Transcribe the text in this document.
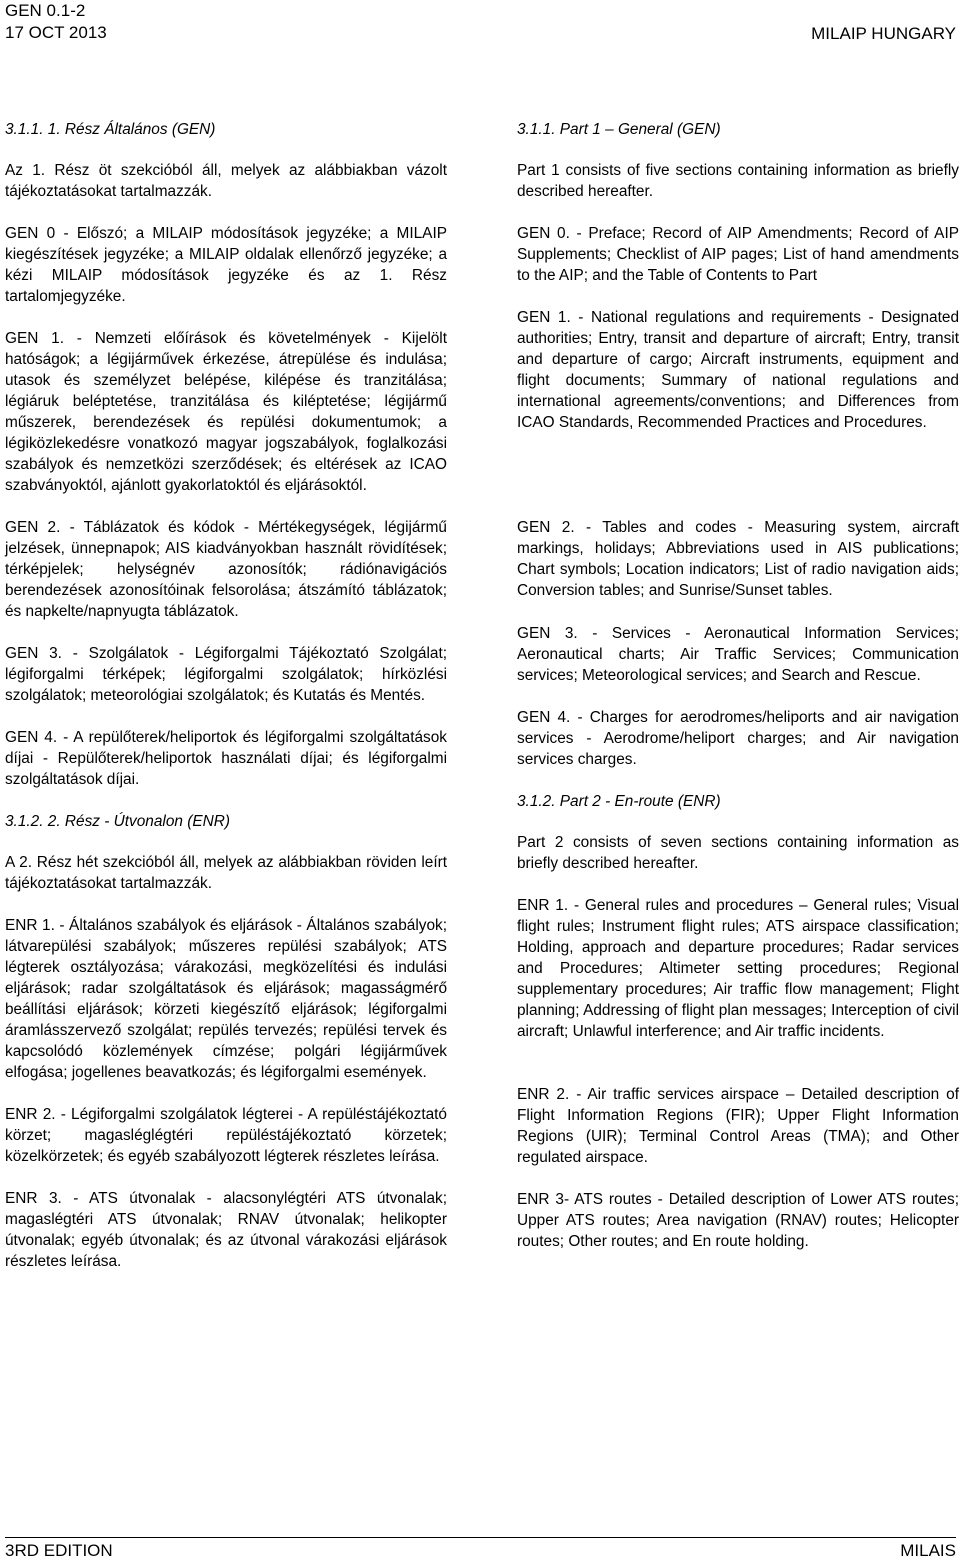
GEN 0.1-2
17 OCT 2013	MILAIP HUNGARY

3.1.1. 1. Rész Általános (GEN)

Az 1. Rész öt szekcióból áll, melyek az alábbiakban vázolt tájékoztatásokat tartalmazzák.

GEN 0 - Előszó; a MILAIP módosítások jegyzéke; a MILAIP kiegészítések jegyzéke; a MILAIP oldalak ellenőrző jegyzéke; a kézi MILAIP módosítások jegyzéke és az 1. Rész tartalomjegyzéke.

GEN 1. - Nemzeti előírások és követelmények - Kijelölt hatóságok; a légijárművek érkezése, átrepülése és indulása; utasok és személyzet belépése, kilépése és tranzitálása; légiáruk beléptetése, tranzitálása és kiléptetése; légijármű műszerek, berendezések és repülési dokumentumok; a légiközlekedésre vonatkozó magyar jogszabályok, foglalkozási szabályok és nemzetközi szerződések; és eltérések az ICAO szabványoktól, ajánlott gyakorlatoktól és eljárásoktól.

GEN 2. - Táblázatok és kódok - Mértékegységek, légijármű jelzések, ünnepnapok; AIS kiadványokban használt rövidítések; térképjelek; helységnév azonosítók; rádiónavigációs berendezések azonosítóinak felsorolása; átszámító táblázatok; és napkelte/napnyugta táblázatok.

GEN 3. - Szolgálatok - Légiforgalmi Tájékoztató Szolgálat; légiforgalmi térképek; légiforgalmi szolgálatok; hírközlési szolgálatok; meteorológiai szolgálatok; és Kutatás és Mentés.

GEN 4. - A repülőterek/heliportok és légiforgalmi szolgáltatások díjai - Repülőterek/heliportok használati díjai; és légiforgalmi szolgáltatások díjai.

3.1.2. 2. Rész - Útvonalon (ENR)

A 2. Rész hét szekcióból áll, melyek az alábbiakban röviden leírt tájékoztatásokat tartalmazzák.

ENR 1. - Általános szabályok és eljárások - Általános szabályok; látvarepülési szabályok; műszeres repülési szabályok; ATS légterek osztályozása; várakozási, megközelítési és indulási eljárások; radar szolgáltatások és eljárások; magasságmérő beállítási eljárások; körzeti kiegészítő eljárások; légiforgalmi áramlásszervező szolgálat; repülés tervezés; repülési tervek és kapcsolódó közlemények címzése; polgári légijárművek elfogása; jogellenes beavatkozás; és légiforgalmi események.

ENR 2. - Légiforgalmi szolgálatok légterei - A repüléstájékoztató körzet; magasléglégtéri repüléstájékoztató körzetek; közelkörzetek; és egyéb szabályozott légterek részletes leírása.

ENR 3. - ATS útvonalak - alacsonylégtéri ATS útvonalak; magaslégtéri ATS útvonalak; RNAV útvonalak; helikopter útvonalak; egyéb útvonalak; és az útvonal várakozási eljárások részletes leírása.

3.1.1. Part 1 – General (GEN)

Part 1 consists of five sections containing information as briefly described hereafter.

GEN 0. - Preface; Record of AIP Amendments; Record of AIP Supplements; Checklist of AIP pages; List of hand amendments to the AIP; and the Table of Contents to Part

GEN 1. - National regulations and requirements - Designated authorities; Entry, transit and departure of aircraft; Entry, transit and departure of cargo; Aircraft instruments, equipment and flight documents; Summary of national regulations and international agreements/conventions; and Differences from ICAO Standards, Recommended Practices and Procedures.

GEN 2. - Tables and codes - Measuring system, aircraft markings, holidays; Abbreviations used in AIS publications; Chart symbols; Location indicators; List of radio navigation aids; Conversion tables; and Sunrise/Sunset tables.

GEN 3. - Services - Aeronautical Information Services; Aeronautical charts; Air Traffic Services; Communication services; Meteorological services; and Search and Rescue.

GEN 4. - Charges for aerodromes/heliports and air navigation services - Aerodrome/heliport charges; and Air navigation services charges.

3.1.2. Part 2 - En-route (ENR)

Part 2 consists of seven sections containing information as briefly described hereafter.

ENR 1. - General rules and procedures – General rules; Visual flight rules; Instrument flight rules; ATS airspace classification; Holding, approach and departure procedures; Radar services and Procedures; Altimeter setting procedures; Regional supplementary procedures; Air traffic flow management; Flight planning; Addressing of flight plan messages; Interception of civil aircraft; Unlawful interference; and Air traffic incidents.

ENR 2. - Air traffic services airspace – Detailed description of Flight Information Regions (FIR); Upper Flight Information Regions (UIR); Terminal Control Areas (TMA); and Other regulated airspace.

ENR 3- ATS routes - Detailed description of Lower ATS routes; Upper ATS routes; Area navigation (RNAV) routes; Helicopter routes; Other routes; and En route holding.

3RD EDITION	MILAIS
